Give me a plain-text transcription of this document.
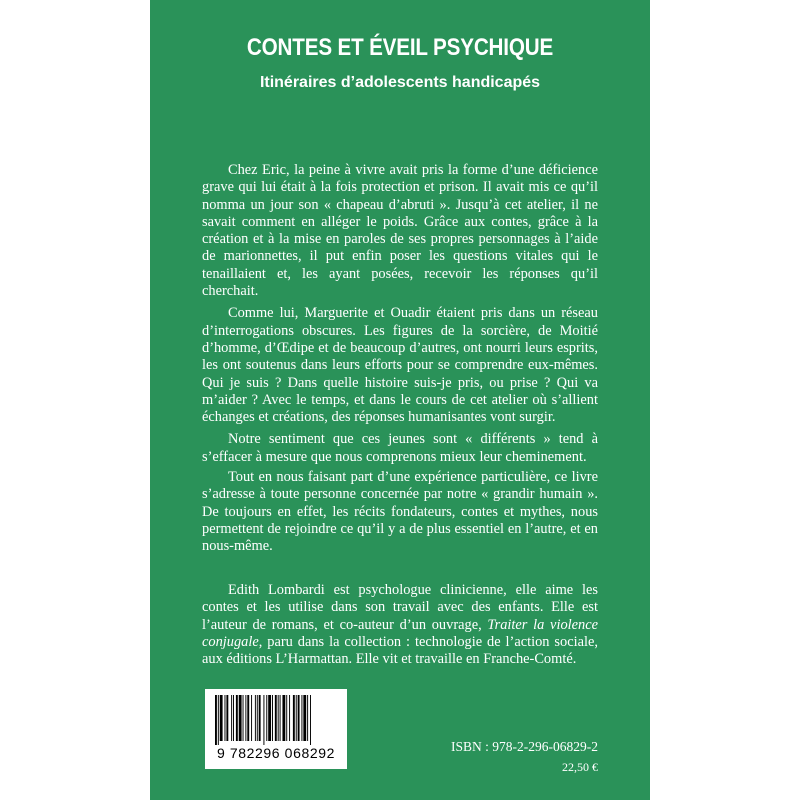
CONTES ET ÉVEIL PSYCHIQUE
Itinéraires d’adolescents handicapés

Chez Eric, la peine à vivre avait pris la forme d’une déficience grave qui lui était à la fois protection et prison. Il avait mis ce qu’il nomma un jour son « chapeau d’abruti ». Jusqu’à cet atelier, il ne savait comment en alléger le poids. Grâce aux contes, grâce à la création et à la mise en paroles de ses propres personnages à l’aide de marionnettes, il put enfin poser les questions vitales qui le tenaillaient et, les ayant posées, recevoir les réponses qu’il cherchait.

Comme lui, Marguerite et Ouadir étaient pris dans un réseau d’interrogations obscures. Les figures de la sorcière, de Moitié d’homme, d’Œdipe et de beaucoup d’autres, ont nourri leurs esprits, les ont soutenus dans leurs efforts pour se comprendre eux-mêmes. Qui je suis ? Dans quelle histoire suis-je pris, ou prise ? Qui va m’aider ? Avec le temps, et dans le cours de cet atelier où s’allient échanges et créations, des réponses humanisantes vont surgir.

Notre sentiment que ces jeunes sont « différents » tend à s’effacer à mesure que nous comprenons mieux leur cheminement.

Tout en nous faisant part d’une expérience particulière, ce livre s’adresse à toute personne concernée par notre « grandir humain ». De toujours en effet, les récits fondateurs, contes et mythes, nous permettent de rejoindre ce qu’il y a de plus essentiel en l’autre, et en nous-même.

Edith Lombardi est psychologue clinicienne, elle aime les contes et les utilise dans son travail avec des enfants. Elle est l’auteur de romans, et co-auteur d’un ouvrage, Traiter la violence conjugale, paru dans la collection : technologie de l’action sociale, aux éditions L’Harmattan. Elle vit et travaille en Franche-Comté.

9 782296 068292	ISBN : 978-2-296-06829-2
22,50 €
